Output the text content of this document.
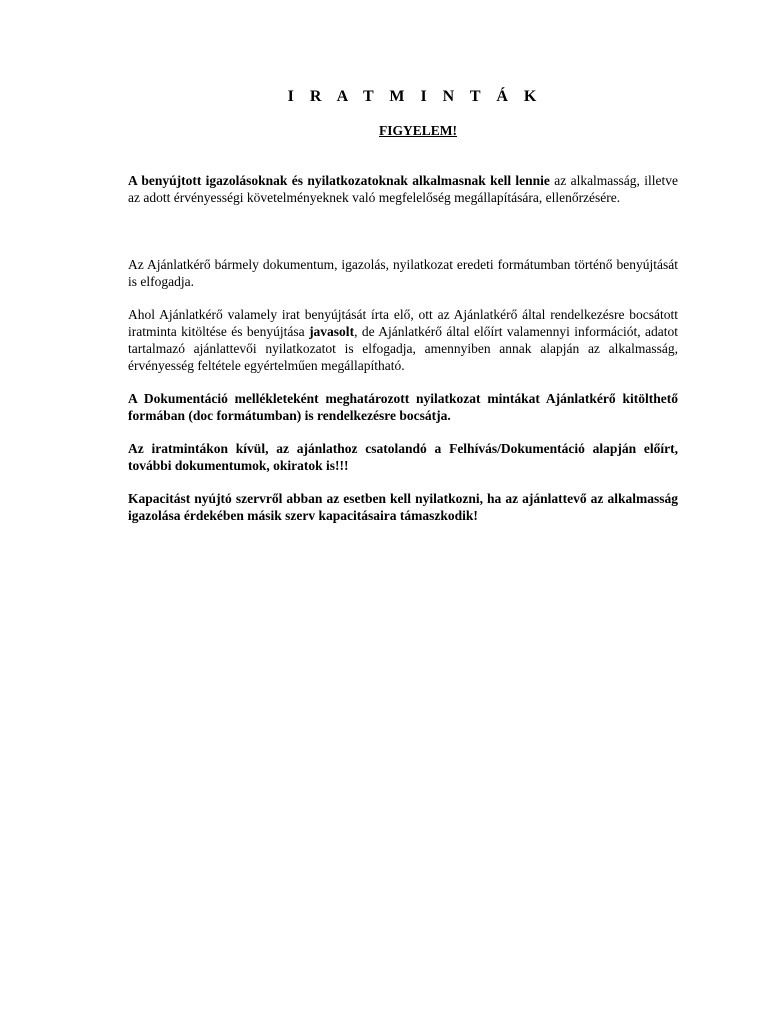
I R A T M I N T Á K

FIGYELEM!

A benyújtott igazolásoknak és nyilatkozatoknak alkalmasnak kell lennie az alkalmasság, illetve az adott érvényességi követelményeknek való megfelelőség megállapítására, ellenőrzésére.

Az Ajánlatkérő bármely dokumentum, igazolás, nyilatkozat eredeti formátumban történő benyújtását is elfogadja.

Ahol Ajánlatkérő valamely irat benyújtását írta elő, ott az Ajánlatkérő által rendelkezésre bocsátott iratminta kitöltése és benyújtása javasolt, de Ajánlatkérő által előírt valamennyi információt, adatot tartalmazó ajánlattevői nyilatkozatot is elfogadja, amennyiben annak alapján az alkalmasság, érvényesség feltétele egyértelműen megállapítható.

A Dokumentáció mellékleteként meghatározott nyilatkozat mintákat Ajánlatkérő kitölthető formában (doc formátumban) is rendelkezésre bocsátja.

Az iratmintákon kívül, az ajánlathoz csatolandó a Felhívás/Dokumentáció alapján előírt, további dokumentumok, okiratok is!!!

Kapacitást nyújtó szervről abban az esetben kell nyilatkozni, ha az ajánlattevő az alkalmasság igazolása érdekében másik szerv kapacitásaira támaszkodik!
